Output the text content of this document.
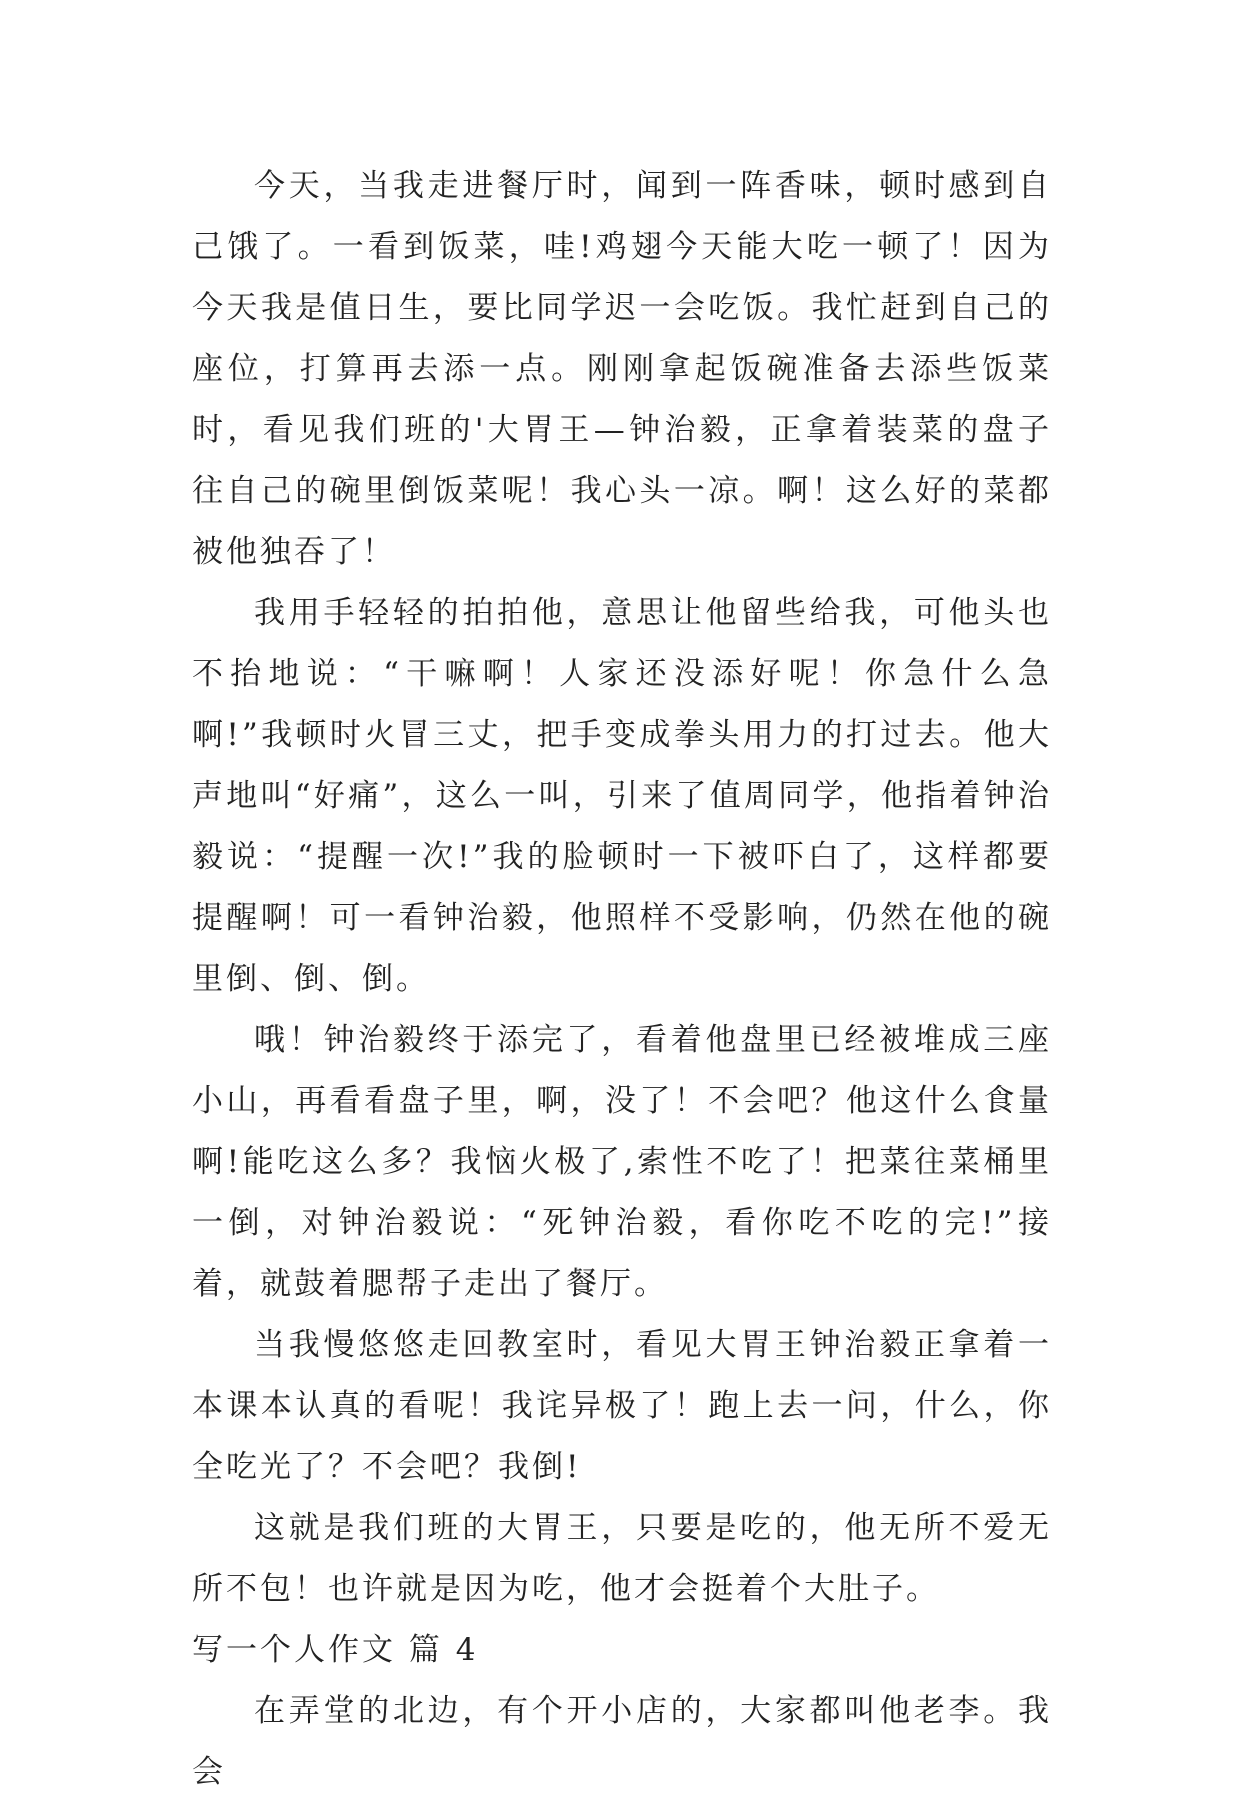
今天，当我走进餐厅时，闻到一阵香味，顿时感到自己饿了。一看到饭菜，哇!鸡翅今天能大吃一顿了！因为今天我是值日生，要比同学迟一会吃饭。我忙赶到自己的座位，打算再去添一点。刚刚拿起饭碗准备去添些饭菜时，看见我们班的'大胃王—钟治毅，正拿着装菜的盘子往自己的碗里倒饭菜呢！我心头一凉。啊！这么好的菜都被他独吞了！

我用手轻轻的拍拍他，意思让他留些给我，可他头也不抬地说：“干嘛啊！人家还没添好呢！你急什么急啊!”我顿时火冒三丈，把手变成拳头用力的打过去。他大声地叫“好痛”，这么一叫，引来了值周同学，他指着钟治毅说：“提醒一次!”我的脸顿时一下被吓白了，这样都要提醒啊！可一看钟治毅，他照样不受影响，仍然在他的碗里倒、倒、倒。

哦！钟治毅终于添完了，看着他盘里已经被堆成三座小山，再看看盘子里，啊，没了！不会吧？他这什么食量啊!能吃这么多？我恼火极了,索性不吃了！把菜往菜桶里一倒，对钟治毅说：“死钟治毅，看你吃不吃的完!”接着，就鼓着腮帮子走出了餐厅。

当我慢悠悠走回教室时，看见大胃王钟治毅正拿着一本课本认真的看呢！我诧异极了！跑上去一问，什么，你全吃光了？不会吧？我倒!

这就是我们班的大胃王，只要是吃的，他无所不爱无所不包！也许就是因为吃，他才会挺着个大肚子。

写一个人作文 篇 4

在弄堂的北边，有个开小店的，大家都叫他老李。我会
